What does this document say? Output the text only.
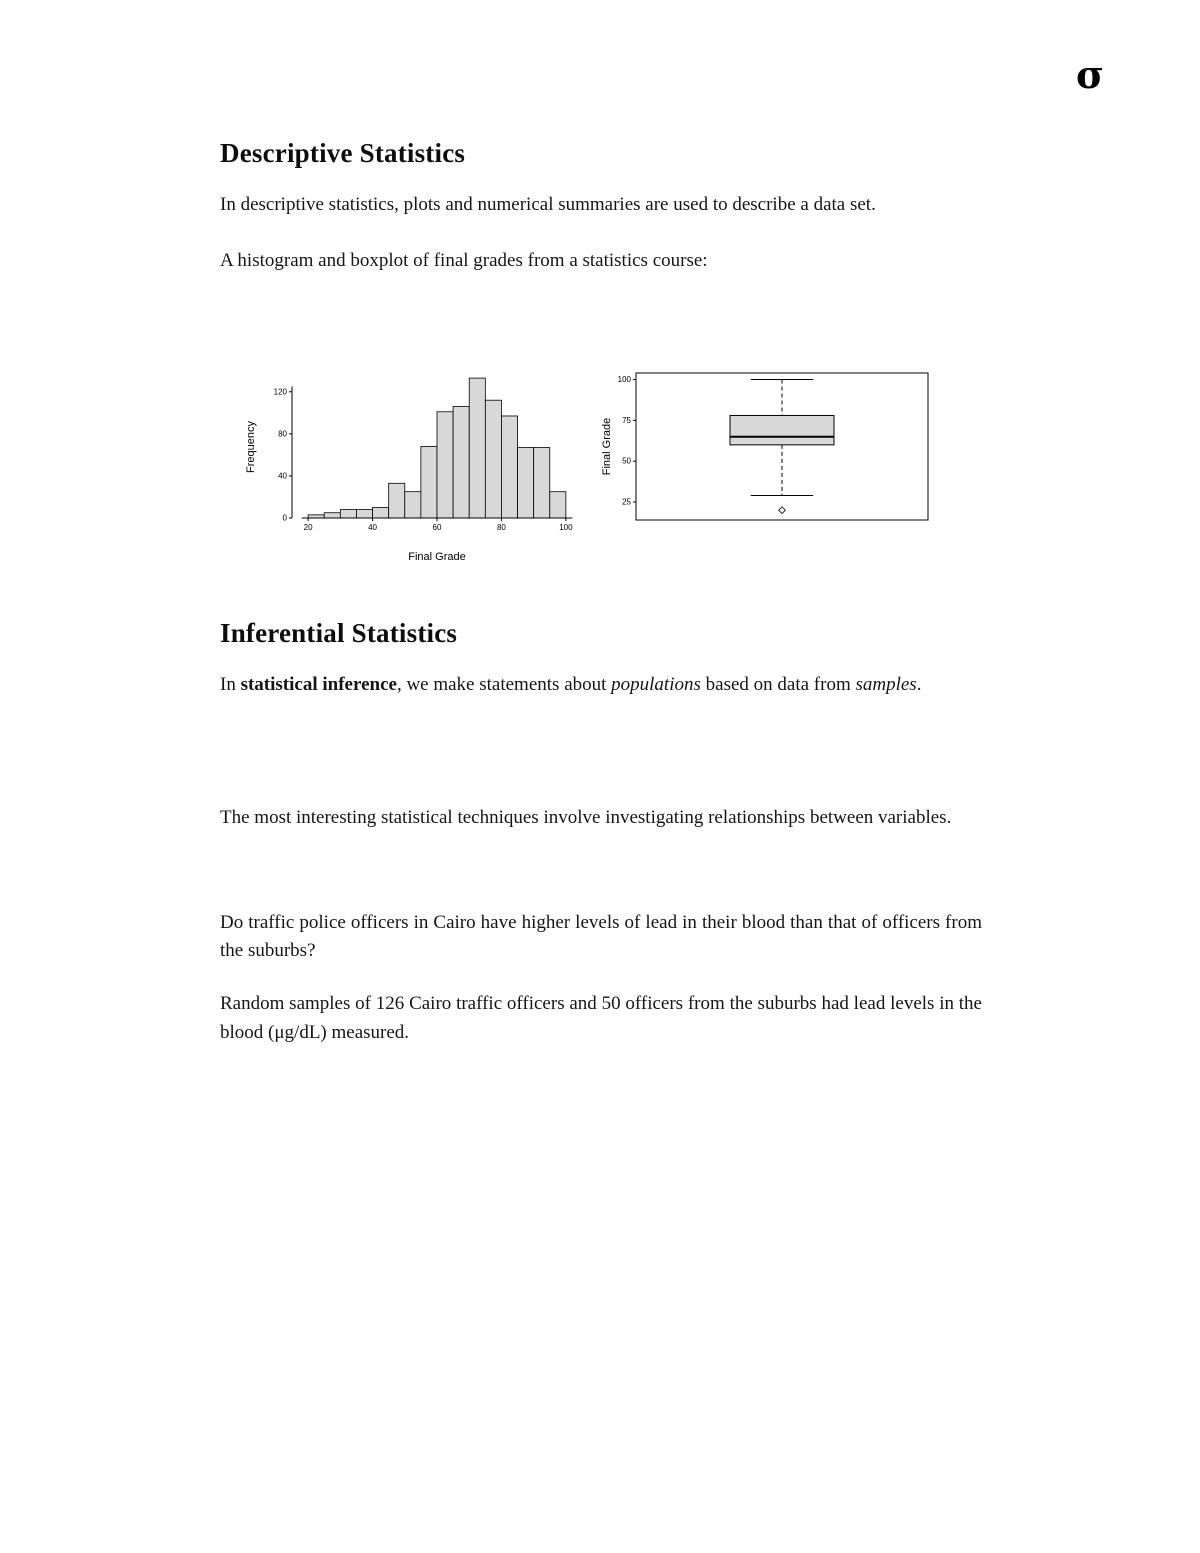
σ
Descriptive Statistics

In descriptive statistics, plots and numerical summaries are used to describe a data set.

A histogram and boxplot of final grades from a statistics course:

20	40	60	80	100
0
40
80
120
Final Grade
Frequency
25
50
75
100
Final Grade
Inferential Statistics

In statistical inference, we make statements about populations based on data from samples.

The most interesting statistical techniques involve investigating relationships between variables.

Do traffic police officers in Cairo have higher levels of lead in their blood than that of officers from the suburbs?

Random samples of 126 Cairo traffic officers and 50 officers from the suburbs had lead levels in the blood (μg/dL) measured.
